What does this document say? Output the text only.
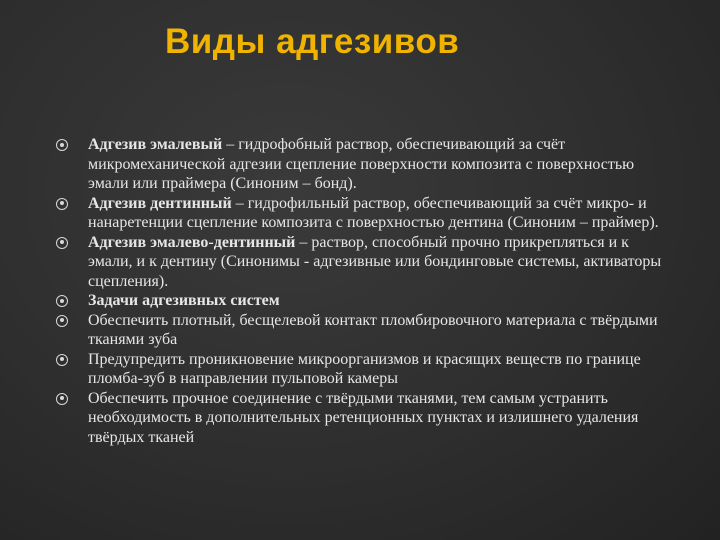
Виды адгезивов
Адгезив эмалевый – гидрофобный раствор, обеспечивающий за счёт микромеханической адгезии сцепление поверхности композита с поверхностью эмали или праймера (Синоним – бонд).
Адгезив дентинный – гидрофильный раствор, обеспечивающий за счёт микро- и нанаретенции сцепление композита с поверхностью дентина (Синоним – праймер).
Адгезив эмалево-дентинный – раствор, способный прочно прикрепляться и к эмали, и к дентину (Синонимы - адгезивные или бондинговые системы, активаторы сцепления).
Задачи адгезивных систем
Обеспечить плотный, бесщелевой контакт пломбировочного материала с твёрдыми тканями зуба
Предупредить проникновение микроорганизмов и красящих веществ по границе пломба-зуб в направлении пульповой камеры
Обеспечить прочное соединение с твёрдыми тканями, тем самым устранить необходимость в дополнительных ретенционных пунктах и излишнего удаления твёрдых тканей
